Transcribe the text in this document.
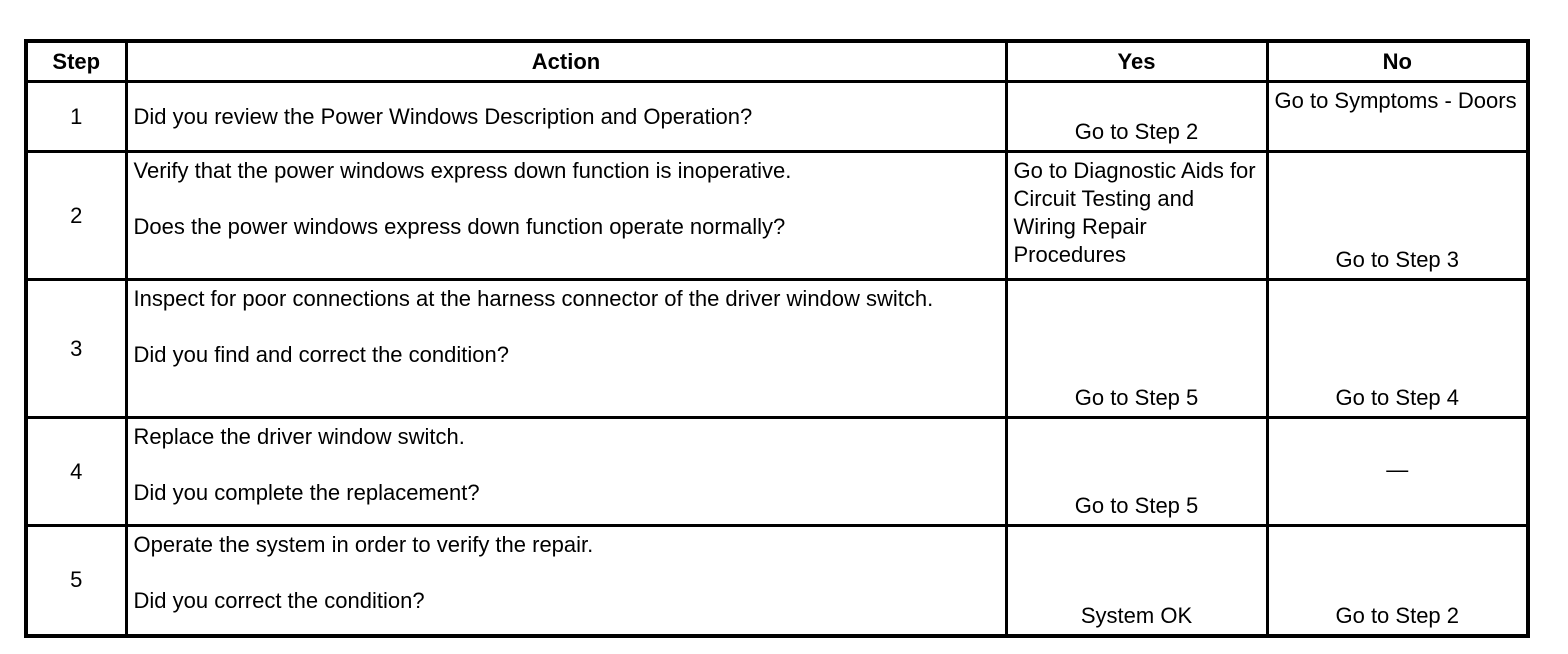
Step	Action	Yes	No
1	Did you review the Power Windows Description and Operation?	Go to Step 2	Go to Symptoms - Doors
2	Verify that the power windows express down function is inoperative.

Does the power windows express down function operate normally?	Go to Diagnostic Aids for Circuit Testing and Wiring Repair Procedures	Go to Step 3
3	Inspect for poor connections at the harness connector of the driver window switch.

Did you find and correct the condition?	Go to Step 5	Go to Step 4
4	Replace the driver window switch.

Did you complete the replacement?	Go to Step 5	—
5	Operate the system in order to verify the repair.

Did you correct the condition?	System OK	Go to Step 2
